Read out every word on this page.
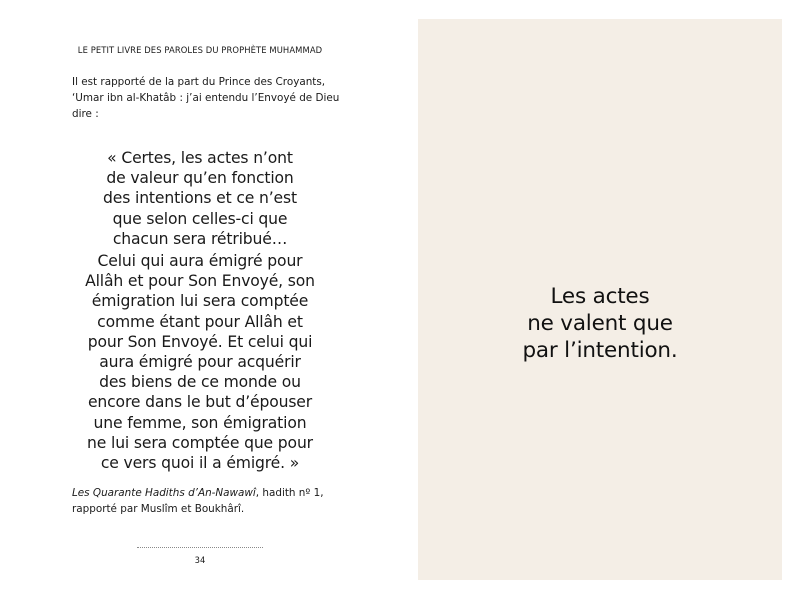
LE PETIT LIVRE DES PAROLES DU PROPHÈTE MUHAMMAD
Il est rapporté de la part du Prince des Croyants,
‘Umar ibn al-Khatâb : j’ai entendu l’Envoyé de Dieu
dire :
« Certes, les actes n’ont
de valeur qu’en fonction
des intentions et ce n’est
que selon celles-ci que
chacun sera rétribué…
Celui qui aura émigré pour
Allâh et pour Son Envoyé, son
émigration lui sera comptée
comme étant pour Allâh et
pour Son Envoyé. Et celui qui
aura émigré pour acquérir
des biens de ce monde ou
encore dans le but d’épouser
une femme, son émigration
ne lui sera comptée que pour
ce vers quoi il a émigré. »
Les Quarante Hadiths d’An-Nawawî, hadith nº 1,
rapporté par Muslîm et Boukhârî.
34
Les actes
ne valent que
par l’intention.
